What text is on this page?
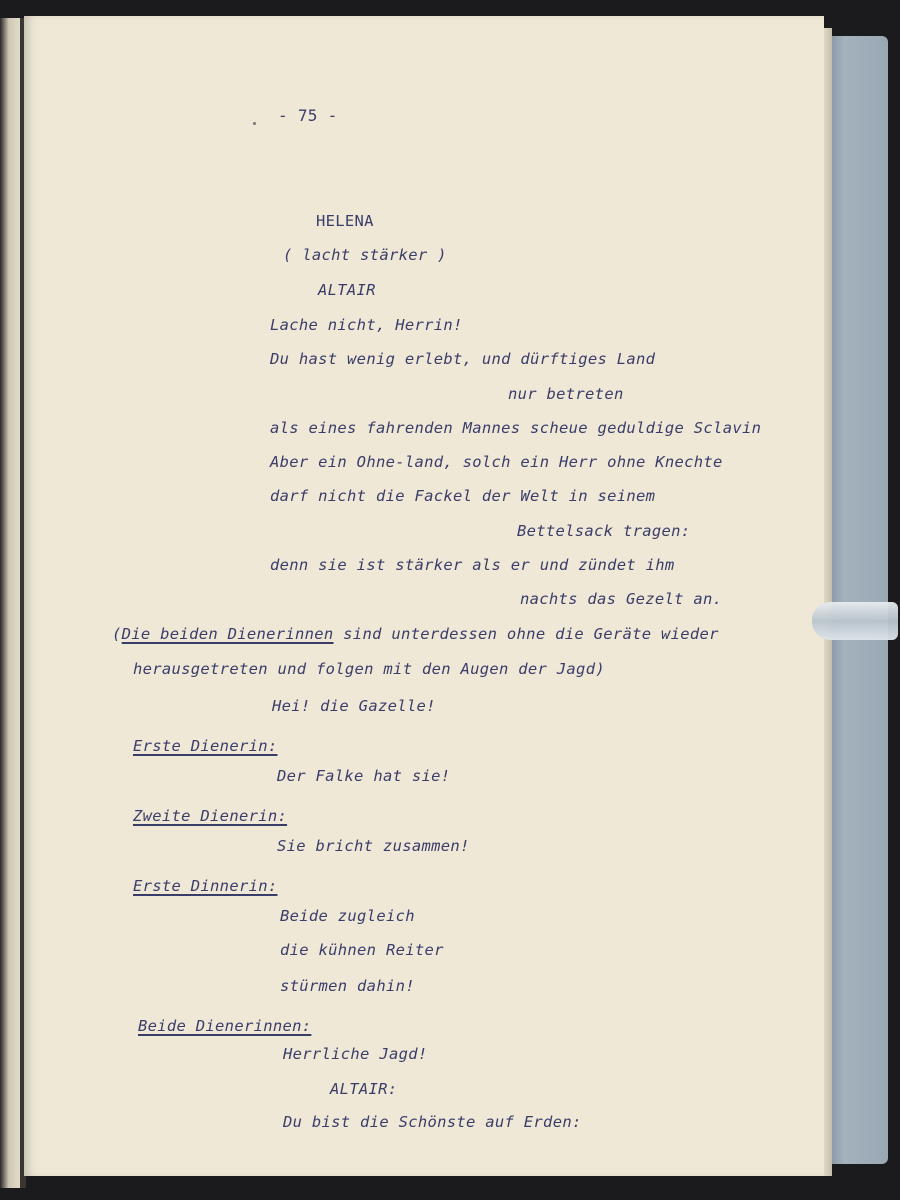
- 75 -
HELENA
( lacht stärker )
ALTAIR
Lache nicht, Herrin!
Du hast wenig erlebt, und dürftiges Land
nur betreten
als eines fahrenden Mannes scheue geduldige Sclavin
Aber ein Ohne-land, solch ein Herr ohne Knechte
darf nicht die Fackel der Welt in seinem
Bettelsack tragen:
denn sie ist stärker als er und zündet ihm
nachts das Gezelt an.
(Die beiden Dienerinnen sind unterdessen ohne die Geräte wieder
herausgetreten und folgen mit den Augen der Jagd)
Hei! die Gazelle!
Erste Dienerin:
Der Falke hat sie!
Zweite Dienerin:
Sie bricht zusammen!
Erste Dinnerin:
Beide zugleich
die kühnen Reiter
stürmen dahin!
Beide Dienerinnen:
Herrliche Jagd!
ALTAIR:
Du bist die Schönste auf Erden:
